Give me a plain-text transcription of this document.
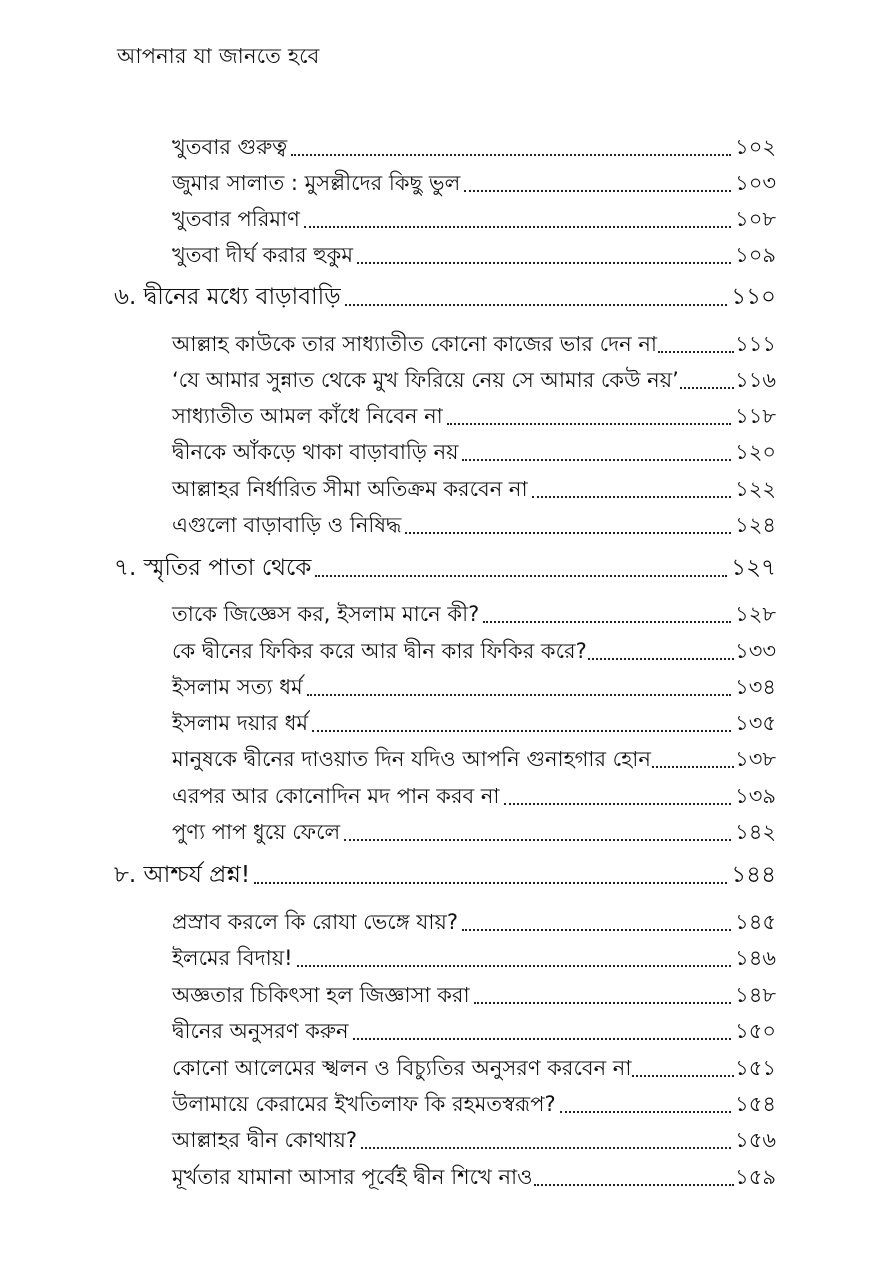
আপনার যা জানতে হবে
খুতবার গুরুত্ব	১০২
জুমার সালাত : মুসল্লীদের কিছু ভুল	১০৩
খুতবার পরিমাণ	১০৮
খুতবা দীর্ঘ করার হুকুম	১০৯
৬. দ্বীনের মধ্যে বাড়াবাড়ি	১১০
আল্লাহ কাউকে তার সাধ্যাতীত কোনো কাজের ভার দেন না	১১১
‘যে আমার সুন্নাত থেকে মুখ ফিরিয়ে নেয় সে আমার কেউ নয়’	১১৬
সাধ্যাতীত আমল কাঁধে নিবেন না	১১৮
দ্বীনকে আঁকড়ে থাকা বাড়াবাড়ি নয়	১২০
আল্লাহর নির্ধারিত সীমা অতিক্রম করবেন না	১২২
এগুলো বাড়াবাড়ি ও নিষিদ্ধ	১২৪
৭. স্মৃতির পাতা থেকে	১২৭
তাকে জিজ্ঞেস কর, ইসলাম মানে কী?	১২৮
কে দ্বীনের ফিকির করে আর দ্বীন কার ফিকির করে?	১৩৩
ইসলাম সত্য ধর্ম	১৩৪
ইসলাম দয়ার ধর্ম	১৩৫
মানুষকে দ্বীনের দাওয়াত দিন যদিও আপনি গুনাহগার হোন	১৩৮
এরপর আর কোনোদিন মদ পান করব না	১৩৯
পুণ্য পাপ ধুয়ে ফেলে	১৪২
৮. আশ্চর্য প্রশ্ন!	১৪৪
প্রস্রাব করলে কি রোযা ভেঙ্গে যায়?	১৪৫
ইলমের বিদায়!	১৪৬
অজ্ঞতার চিকিৎসা হল জিজ্ঞাসা করা	১৪৮
দ্বীনের অনুসরণ করুন	১৫০
কোনো আলেমের স্খলন ও বিচ্যুতির অনুসরণ করবেন না	১৫১
উলামায়ে কেরামের ইখতিলাফ কি রহমতস্বরূপ?	১৫৪
আল্লাহর দ্বীন কোথায়?	১৫৬
মূর্খতার যামানা আসার পূর্বেই দ্বীন শিখে নাও	১৫৯
